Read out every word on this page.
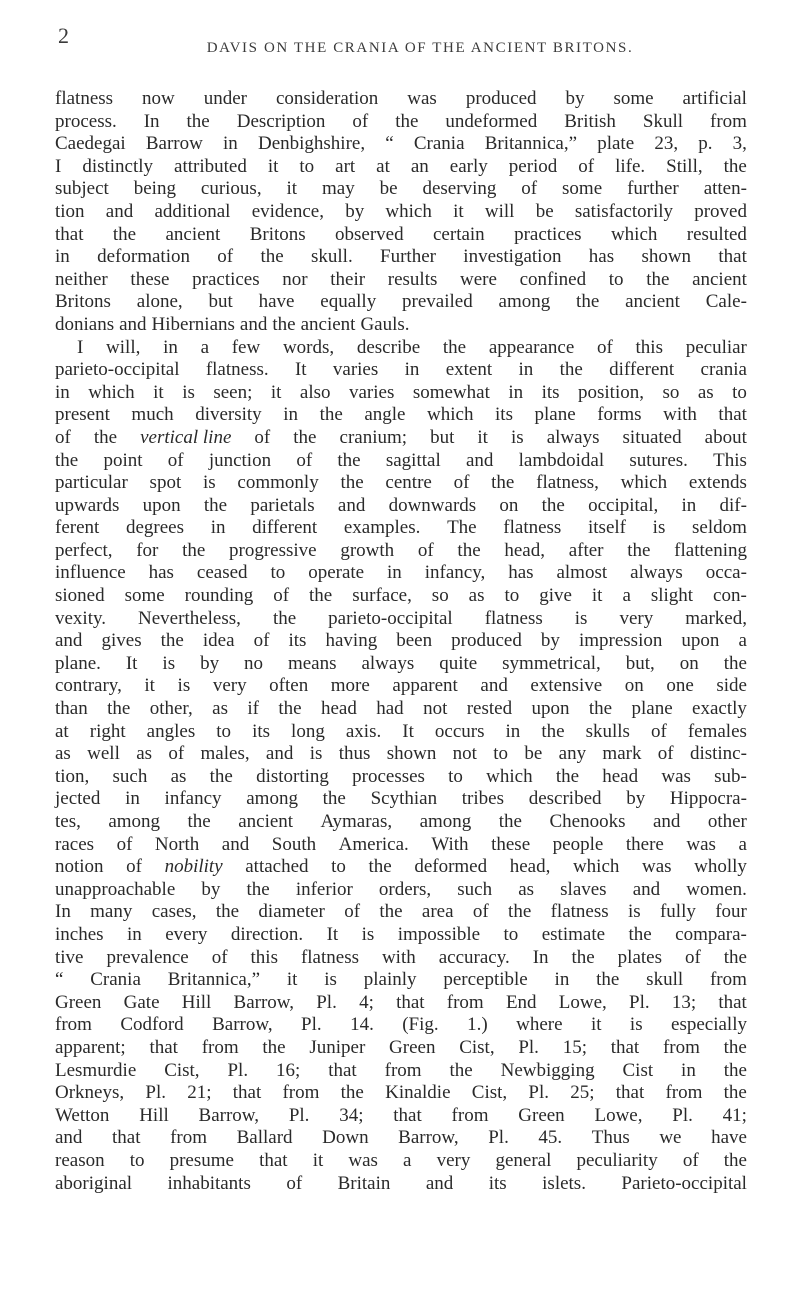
2	DAVIS ON THE CRANIA OF THE ANCIENT BRITONS.
flatness now under consideration was produced by some artificial
process. In the Description of the undeformed British Skull from
Caedegai Barrow in Denbighshire, “ Crania Britannica,” plate 23, p. 3,
I distinctly attributed it to art at an early period of life. Still, the
subject being curious, it may be deserving of some further atten-
tion and additional evidence, by which it will be satisfactorily proved
that the ancient Britons observed certain practices which resulted
in deformation of the skull. Further investigation has shown that
neither these practices nor their results were confined to the ancient
Britons alone, but have equally prevailed among the ancient Cale-
donians and Hibernians and the ancient Gauls.
I will, in a few words, describe the appearance of this peculiar
parieto-occipital flatness. It varies in extent in the different crania
in which it is seen; it also varies somewhat in its position, so as to
present much diversity in the angle which its plane forms with that
of the vertical line of the cranium; but it is always situated about
the point of junction of the sagittal and lambdoidal sutures. This
particular spot is commonly the centre of the flatness, which extends
upwards upon the parietals and downwards on the occipital, in dif-
ferent degrees in different examples. The flatness itself is seldom
perfect, for the progressive growth of the head, after the flattening
influence has ceased to operate in infancy, has almost always occa-
sioned some rounding of the surface, so as to give it a slight con-
vexity. Nevertheless, the parieto-occipital flatness is very marked,
and gives the idea of its having been produced by impression upon a
plane. It is by no means always quite symmetrical, but, on the
contrary, it is very often more apparent and extensive on one side
than the other, as if the head had not rested upon the plane exactly
at right angles to its long axis. It occurs in the skulls of females
as well as of males, and is thus shown not to be any mark of distinc-
tion, such as the distorting processes to which the head was sub-
jected in infancy among the Scythian tribes described by Hippocra-
tes, among the ancient Aymaras, among the Chenooks and other
races of North and South America. With these people there was a
notion of nobility attached to the deformed head, which was wholly
unapproachable by the inferior orders, such as slaves and women.
In many cases, the diameter of the area of the flatness is fully four
inches in every direction. It is impossible to estimate the compara-
tive prevalence of this flatness with accuracy. In the plates of the
“ Crania Britannica,” it is plainly perceptible in the skull from
Green Gate Hill Barrow, Pl. 4; that from End Lowe, Pl. 13; that
from Codford Barrow, Pl. 14. (Fig. 1.) where it is especially
apparent; that from the Juniper Green Cist, Pl. 15; that from the
Lesmurdie Cist, Pl. 16; that from the Newbigging Cist in the
Orkneys, Pl. 21; that from the Kinaldie Cist, Pl. 25; that from the
Wetton Hill Barrow, Pl. 34; that from Green Lowe, Pl. 41;
and that from Ballard Down Barrow, Pl. 45. Thus we have
reason to presume that it was a very general peculiarity of the
aboriginal inhabitants of Britain and its islets. Parieto-occipital
